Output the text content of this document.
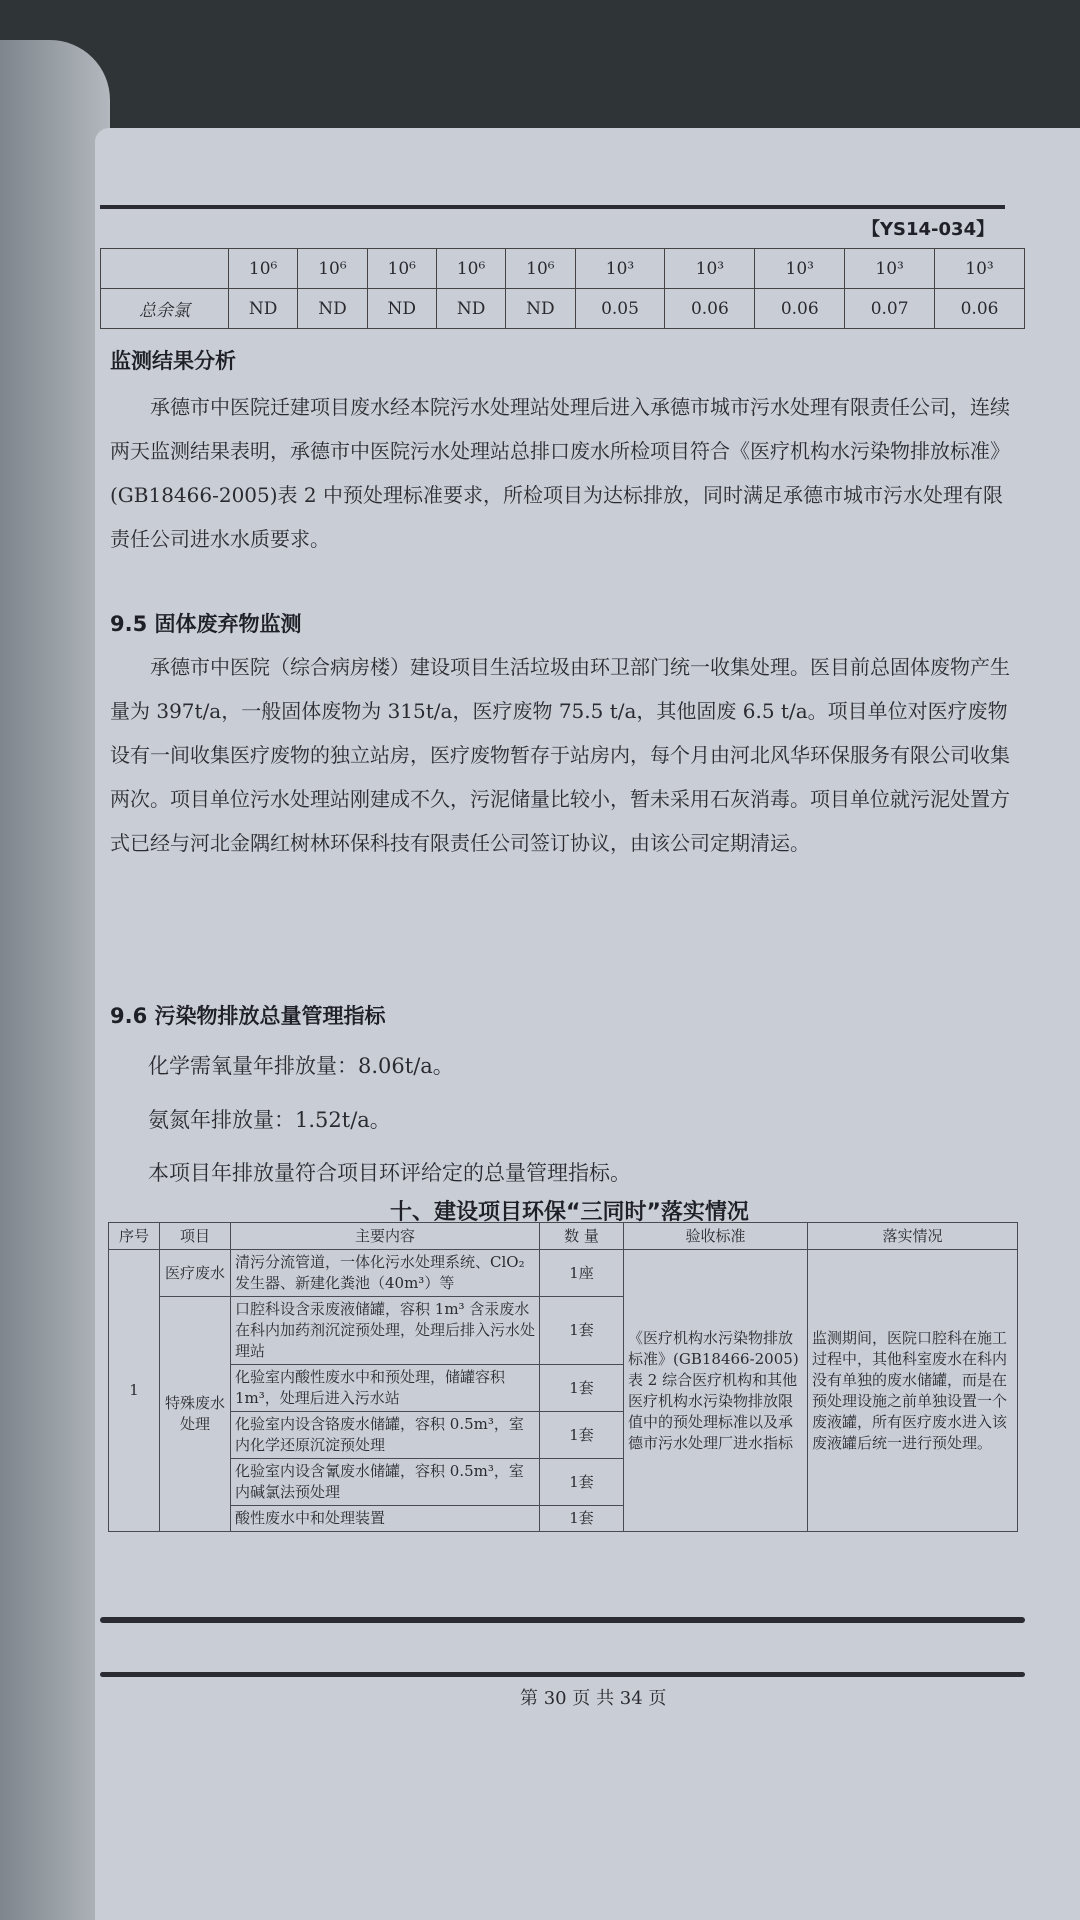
【YS14-034】
	10⁶	10⁶	10⁶	10⁶	10⁶	10³	10³	10³	10³	10³
总余氯	ND	ND	ND	ND	ND	0.05	0.06	0.06	0.07	0.06
监测结果分析

承德市中医院迁建项目废水经本院污水处理站处理后进入承德市城市污水处理有限责任公司，连续两天监测结果表明，承德市中医院污水处理站总排口废水所检项目符合《医疗机构水污染物排放标准》(GB18466-2005)表 2 中预处理标准要求，所检项目为达标排放，同时满足承德市城市污水处理有限责任公司进水水质要求。

9.5 固体废弃物监测

承德市中医院（综合病房楼）建设项目生活垃圾由环卫部门统一收集处理。医目前总固体废物产生量为 397t/a，一般固体废物为 315t/a，医疗废物 75.5 t/a，其他固废 6.5 t/a。项目单位对医疗废物设有一间收集医疗废物的独立站房，医疗废物暂存于站房内，每个月由河北风华环保服务有限公司收集两次。项目单位污水处理站刚建成不久，污泥储量比较小，暂未采用石灰消毒。项目单位就污泥处置方式已经与河北金隅红树林环保科技有限责任公司签订协议，由该公司定期清运。

9.6 污染物排放总量管理指标

化学需氧量年排放量：8.06t/a。

氨氮年排放量：1.52t/a。

本项目年排放量符合项目环评给定的总量管理指标。

十、建设项目环保“三同时”落实情况
序号	项目	主要内容	数 量	验收标准	落实情况
1	医疗废水	清污分流管道，一体化污水处理系统、ClO₂发生器、新建化粪池（40m³）等	1座	《医疗机构水污染物排放标准》(GB18466-2005)表 2 综合医疗机构和其他医疗机构水污染物排放限值中的预处理标准以及承德市污水处理厂进水指标	监测期间，医院口腔科在施工过程中，其他科室废水在科内没有单独的废水储罐，而是在预处理设施之前单独设置一个废液罐，所有医疗废水进入该废液罐后统一进行预处理。
	特殊废水处理	口腔科设含汞废液储罐，容积 1m³ 含汞废水在科内加药剂沉淀预处理，处理后排入污水处理站	1套		
		化验室内酸性废水中和预处理，储罐容积 1m³，处理后进入污水站	1套		
		化验室内设含铬废水储罐，容积 0.5m³，室内化学还原沉淀预处理	1套		
		化验室内设含氰废水储罐，容积 0.5m³，室内碱氯法预处理	1套		
		酸性废水中和处理装置	1套		
第 30 页 共 34 页
